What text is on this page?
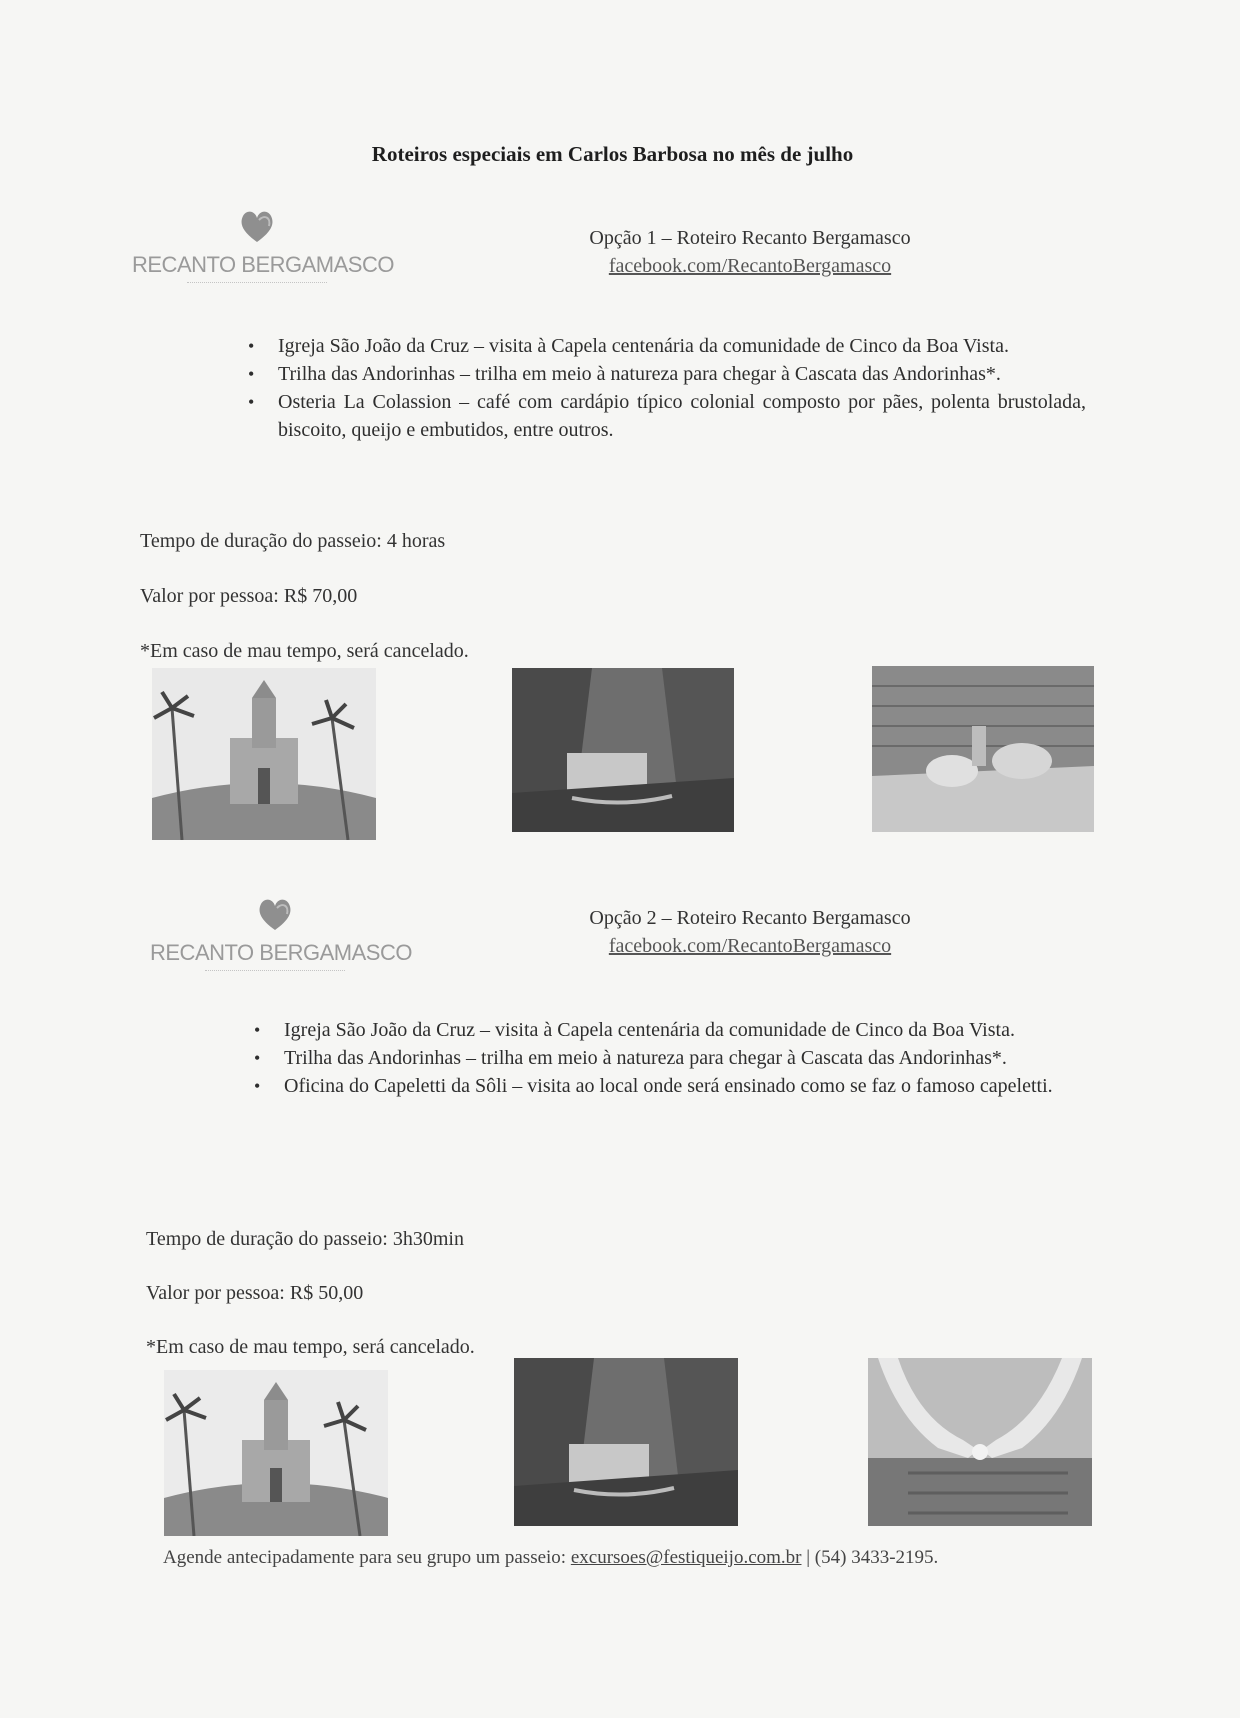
Roteiros especiais em Carlos Barbosa no mês de julho
RECANTO BERGAMASCO
Opção 1 – Roteiro Recanto Bergamasco
facebook.com/RecantoBergamasco
• Igreja São João da Cruz – visita à Capela centenária da comunidade de Cinco da Boa Vista.
• Trilha das Andorinhas – trilha em meio à natureza para chegar à Cascata das Andorinhas*.
• Osteria La Colassion – café com cardápio típico colonial composto por pães, polenta brustolada, biscoito, queijo e embutidos, entre outros.
Tempo de duração do passeio: 4 horas
Valor por pessoa: R$ 70,00
*Em caso de mau tempo, será cancelado.
RECANTO BERGAMASCO
Opção 2 – Roteiro Recanto Bergamasco
facebook.com/RecantoBergamasco
• Igreja São João da Cruz – visita à Capela centenária da comunidade de Cinco da Boa Vista.
• Trilha das Andorinhas – trilha em meio à natureza para chegar à Cascata das Andorinhas*.
• Oficina do Capeletti da Sôli – visita ao local onde será ensinado como se faz o famoso capeletti.
Tempo de duração do passeio: 3h30min
Valor por pessoa: R$ 50,00
*Em caso de mau tempo, será cancelado.
Agende antecipadamente para seu grupo um passeio: excursoes@festiqueijo.com.br | (54) 3433-2195.
